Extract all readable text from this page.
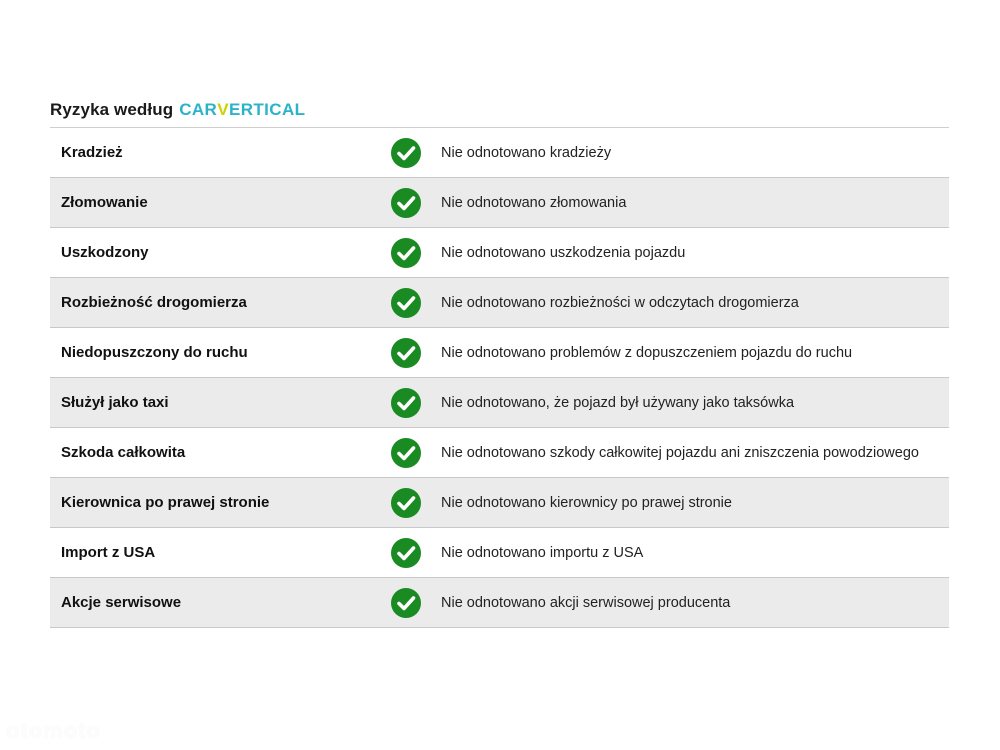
Ryzyka według CAR V ERTICAL
Kradzież	Nie odnotowano kradzieży
Złomowanie	Nie odnotowano złomowania
Uszkodzony	Nie odnotowano uszkodzenia pojazdu
Rozbieżność drogomierza	Nie odnotowano rozbieżności w odczytach drogomierza
Niedopuszczony do ruchu	Nie odnotowano problemów z dopuszczeniem pojazdu do ruchu
Służył jako taxi	Nie odnotowano, że pojazd był używany jako taksówka
Szkoda całkowita	Nie odnotowano szkody całkowitej pojazdu ani zniszczenia powodziowego
Kierownica po prawej stronie	Nie odnotowano kierownicy po prawej stronie
Import z USA	Nie odnotowano importu z USA
Akcje serwisowe	Nie odnotowano akcji serwisowej producenta
otomoto
